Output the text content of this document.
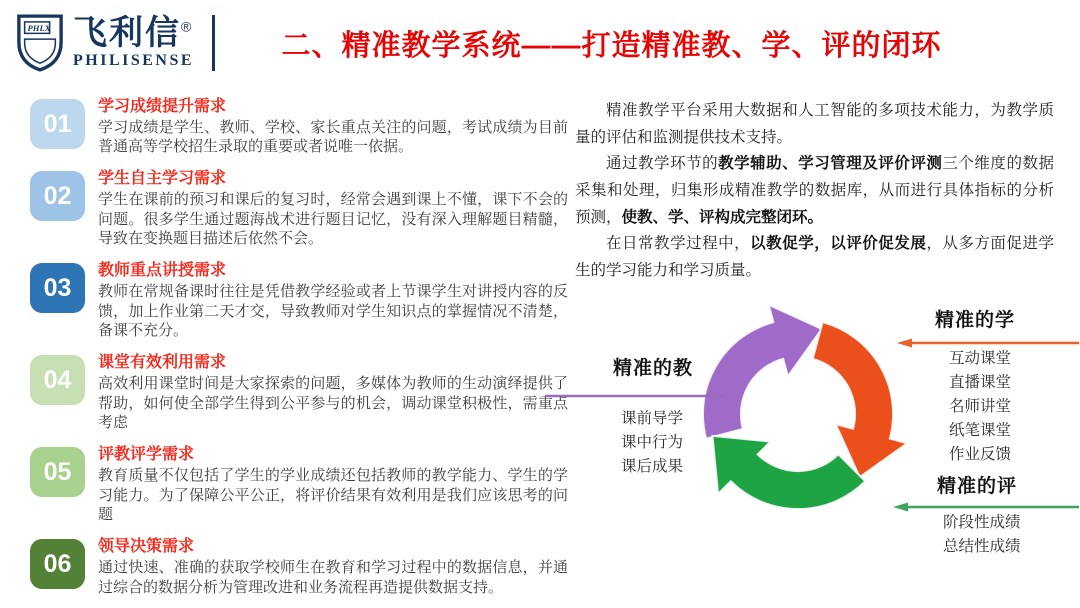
PHLX 飞利信®
PHILISENSE	二、精准教学系统——打造精准教、学、评的闭环
01
学习成绩提升需求
学习成绩是学生、教师、学校、家长重点关注的问题，考试成绩为目前普通高等学校招生录取的重要或者说唯一依据。
02
学生自主学习需求
学生在课前的预习和课后的复习时，经常会遇到课上不懂，课下不会的问题。很多学生通过题海战术进行题目记忆，没有深入理解题目精髓，导致在变换题目描述后依然不会。
03
教师重点讲授需求
教师在常规备课时往往是凭借教学经验或者上节课学生对讲授内容的反馈，加上作业第二天才交，导致教师对学生知识点的掌握情况不清楚，备课不充分。
04
课堂有效利用需求
高效利用课堂时间是大家探索的问题，多媒体为教师的生动演绎提供了帮助，如何使全部学生得到公平参与的机会，调动课堂积极性，需重点考虑
05
评教评学需求
教育质量不仅包括了学生的学业成绩还包括教师的教学能力、学生的学习能力。为了保障公平公正，将评价结果有效利用是我们应该思考的问题
06
领导决策需求
通过快速、准确的获取学校师生在教育和学习过程中的数据信息，并通过综合的数据分析为管理改进和业务流程再造提供数据支持。

精准教学平台采用大数据和人工智能的多项技术能力，为教学质量的评估和监测提供技术支持。

通过教学环节的教学辅助、学习管理及评价评测三个维度的数据采集和处理，归集形成精准教学的数据库，从而进行具体指标的分析预测，使教、学、评构成完整闭环。

在日常教学过程中，以教促学，以评价促发展，从多方面促进学生的学习能力和学习质量。

精准的教
课前导学
课中行为
课后成果
精准的学
互动课堂
直播课堂
名师讲堂
纸笔课堂
作业反馈
精准的评
阶段性成绩
总结性成绩
